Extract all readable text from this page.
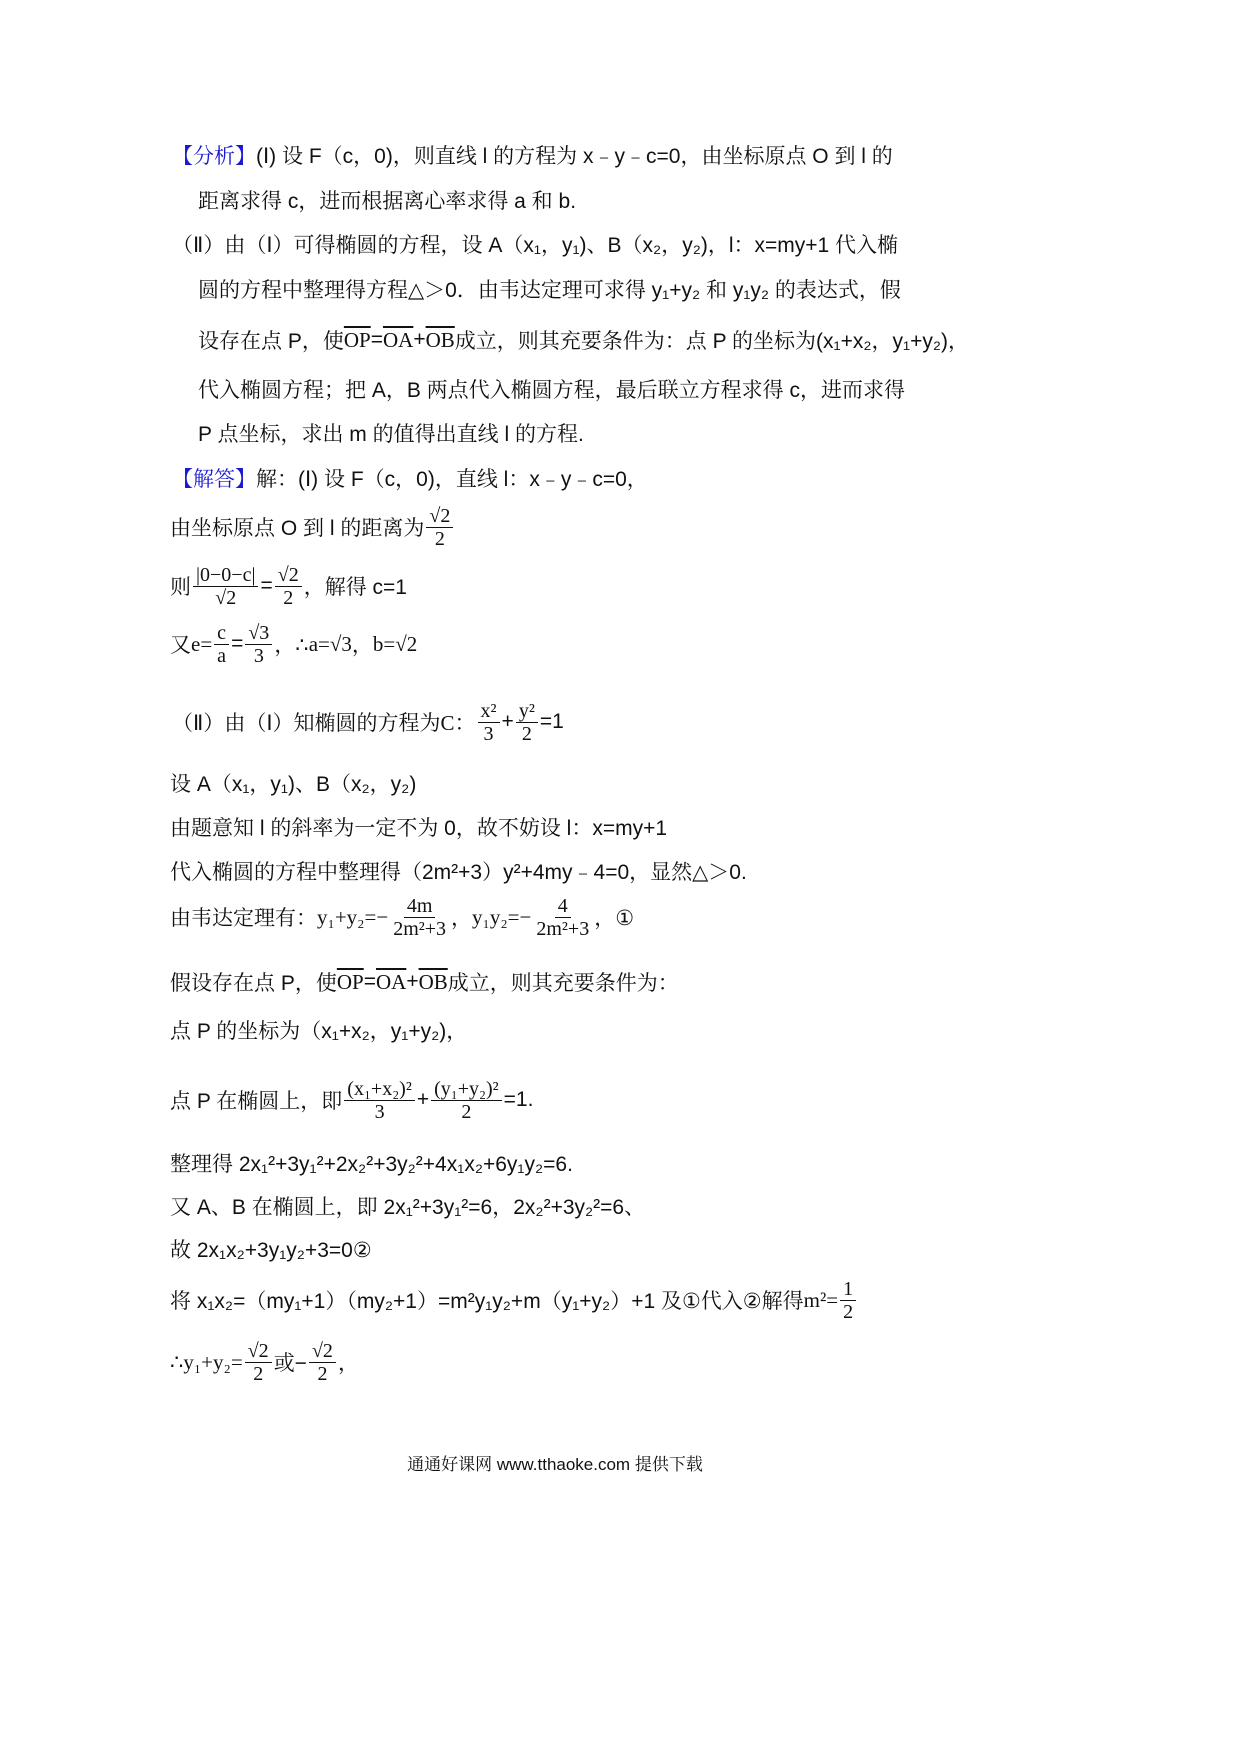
【分析】 (Ⅰ) 设 F（c，0)，则直线 l 的方程为 x﹣y﹣c=0，由坐标原点 O 到 l 的
距离求得 c，进而根据离心率求得 a 和 b.
（Ⅱ）由（Ⅰ）可得椭圆的方程，设 A（x₁，y₁)、B（x₂，y₂)，l：x=my+1 代入椭
圆的方程中整理得方程△＞0．由韦达定理可求得 y₁+y₂ 和 y₁y₂ 的表达式，假
设存在点 P，使 $\overline{OP} = \overline{OA} + \overline{OB}$ 成立，则其充要条件为：点 P 的坐标为(x₁+x₂，y₁+y₂)，
代入椭圆方程；把 A，B 两点代入椭圆方程，最后联立方程求得 c，进而求得
P 点坐标，求出 m 的值得出直线 l 的方程.
【解答】 解：(Ⅰ) 设 F（c，0)，直线 l：x﹣y﹣c=0，
由坐标原点 O 到 l 的距离为 $\frac{√2}{2}$
则 $\frac{|0-0-c|}{√2} = \frac{√2}{2}$ ，解得 c=1
又 $e= \frac{c}{a} = \frac{√3}{3}$ ，∴ a=√3 ， b=√2
（Ⅱ）由（Ⅰ）知椭圆的方程为 C： $\frac{\text{x²}}{3} + \frac{\text{y²}}{2} =1$
设 A（x₁，y₁)、B（x₂，y₂)
由题意知 l 的斜率为一定不为 0，故不妨设 l：x=my+1
代入椭圆的方程中整理得（2m²+3）y²+4my﹣4=0，显然△＞0.
由韦达定理有： $y_1+y_2=- \frac{4m}{\text{2m²+3}}$ ， $y_1y_2=- \frac{4}{\text{2m²+3}}$ ，①
假设存在点 P，使 $\overline{OP} = \overline{OA} + \overline{OB}$ 成立，则其充要条件为：
点 P 的坐标为（x₁+x₂，y₁+y₂)，
点 P 在椭圆上，即 $\frac{\text{(x₁+x₂)²}}{3} + \frac{\text{(y₁+y₂)²}}{2} =1$.
整理得 2x₁²+3y₁²+2x₂²+3y₂²+4x₁x₂+6y₁y₂=6.
又 A、B 在椭圆上，即 2x₁²+3y₁²=6，2x₂²+3y₂²=6、
故 2x₁x₂+3y₁y₂+3=0②
将 x₁x₂=（my₁+1）（my₂+1）=m²y₁y₂+m（y₁+y₂）+1 及①代入②解得 $m^2= \frac{1}{2}$
∴y₁+y₂= $\frac{√2}{2}$ 或− $\frac{√2}{2}$ ，
通通好课网 www.tthaoke.com 提供下载
